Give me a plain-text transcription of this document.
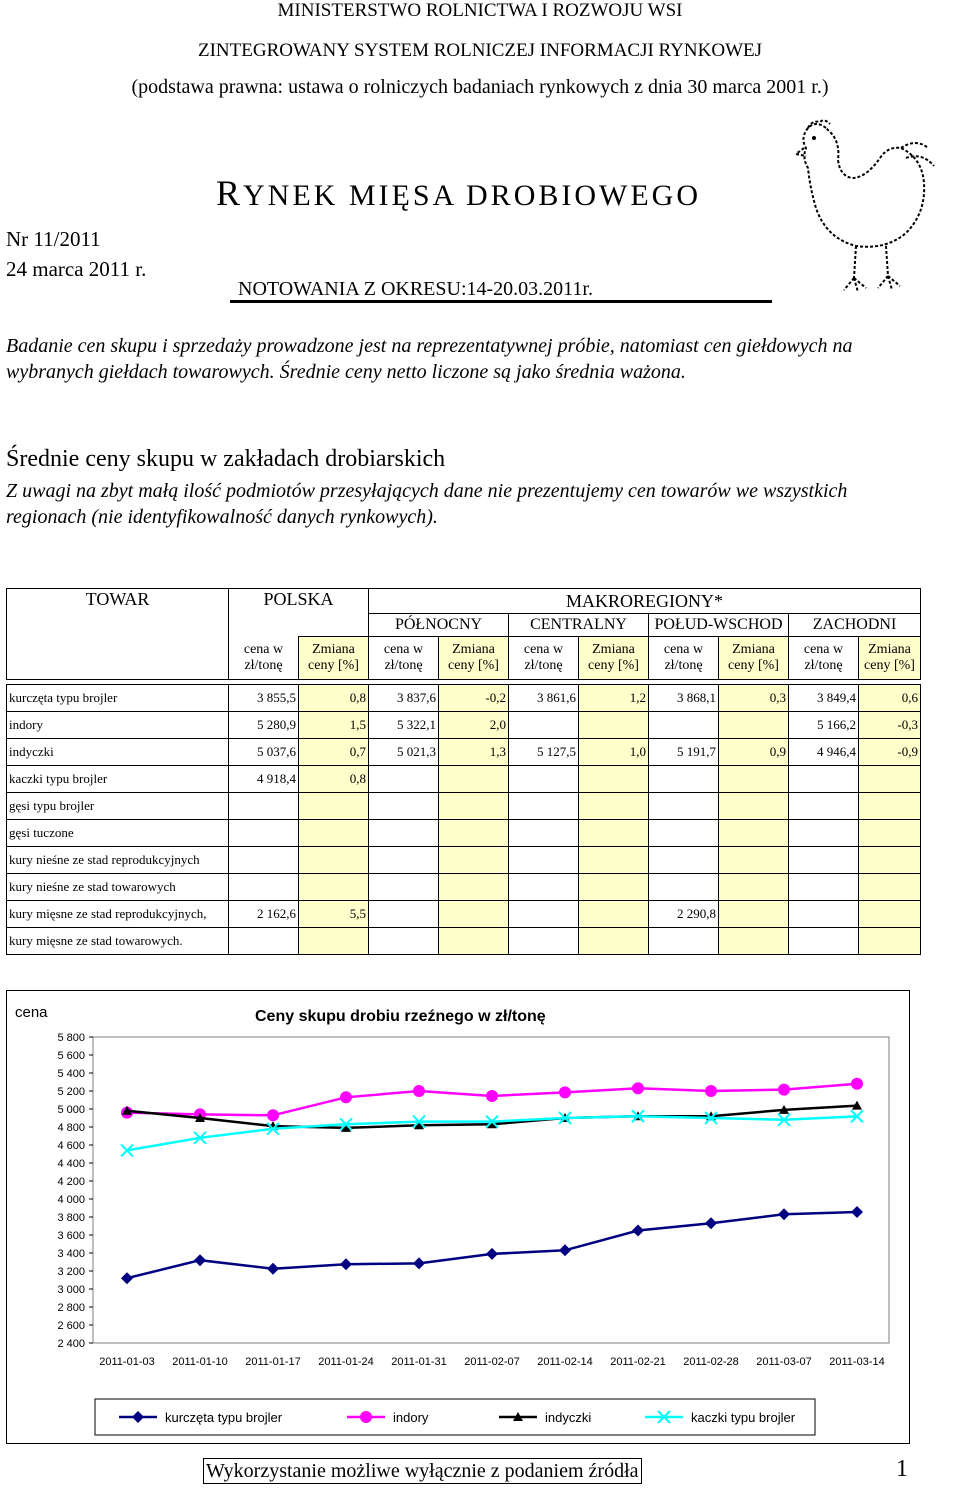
MINISTERSTWO ROLNICTWA I ROZWOJU WSI
ZINTEGROWANY SYSTEM ROLNICZEJ INFORMACJI RYNKOWEJ
(podstawa prawna: ustawa o rolniczych badaniach rynkowych z dnia 30 marca 2001 r.)
RYNEK MIĘSA DROBIOWEGO
Nr 11/2011
24 marca 2011 r.
NOTOWANIA Z OKRESU:14-20.03.2011r.
Badanie cen skupu i sprzedaży prowadzone jest na reprezentatywnej próbie, natomiast cen giełdowych na wybranych giełdach towarowych. Średnie ceny netto liczone są jako średnia ważona.
Średnie ceny skupu w zakładach drobiarskich
Z uwagi na zbyt małą ilość podmiotów przesyłających dane nie prezentujemy cen towarów we wszystkich regionach (nie identyfikowalność danych rynkowych).
TOWAR	POLSKA		MAKROREGIONY*							
			PÓŁNOCNY		CENTRALNY		POŁUD-WSCHOD		ZACHODNI	
	cena w zł/tonę	Zmiana ceny [%]	cena w zł/tonę	Zmiana ceny [%]	cena w zł/tonę	Zmiana ceny [%]	cena w zł/tonę	Zmiana ceny [%]	cena w zł/tonę	Zmiana ceny [%]

kurczęta typu brojler	3 855,5	0,8	3 837,6	-0,2	3 861,6	1,2	3 868,1	0,3	3 849,4	0,6
indory	5 280,9	1,5	5 322,1	2,0					5 166,2	-0,3
indyczki	5 037,6	0,7	5 021,3	1,3	5 127,5	1,0	5 191,7	0,9	4 946,4	-0,9
kaczki typu brojler	4 918,4	0,8								
gęsi typu brojler										
gęsi tuczone										
kury nieśne ze stad reprodukcyjnych										
kury nieśne ze stad towarowych										
kury mięsne ze stad reprodukcyjnych,	2 162,6	5,5					2 290,8			
kury mięsne ze stad towarowych.										
cena	Ceny skupu drobiu rzeźnego w zł/tonę
2 400
2 600
2 800
3 000
3 200
3 400
3 600
3 800
4 000
4 200
4 400
4 600
4 800
5 000
5 200
5 400
5 600
5 800
2011-01-03 2011-01-10 2011-01-17 2011-01-24 2011-01-31 2011-02-07 2011-02-14 2011-02-21 2011-02-28 2011-03-07 2011-03-14
kurczęta typu brojler	indory	indyczki	kaczki typu brojler
Wykorzystanie możliwe wyłącznie z podaniem źródła	1
